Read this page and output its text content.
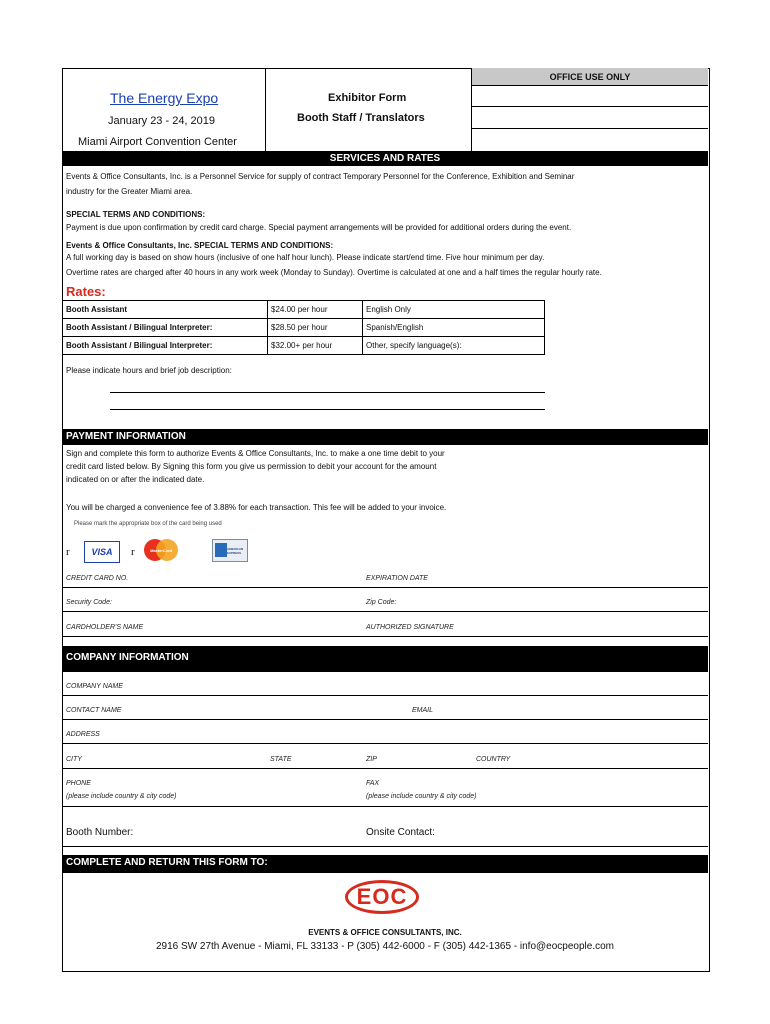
The Energy Expo
January 23 - 24, 2019
Miami Airport Convention Center
Exhibitor Form
Booth Staff / Translators
OFFICE USE ONLY
SERVICES AND RATES
Events & Office Consultants, Inc. is a Personnel Service for supply of contract Temporary Personnel for the Conference, Exhibition and Seminar
industry for the Greater Miami area.
SPECIAL TERMS AND CONDITIONS:
Payment is due upon confirmation by credit card charge. Special payment arrangements will be provided for additional orders during the event.
Events & Office Consultants, Inc. SPECIAL TERMS AND CONDITIONS:
A full working day is based on show hours (inclusive of one half hour lunch). Please indicate start/end time. Five hour minimum per day.
Overtime rates are charged after 40 hours in any work week (Monday to Sunday). Overtime is calculated at one and a half times the regular hourly rate.
Rates:
Booth Assistant	$24.00 per hour	English Only
Booth Assistant / Bilingual Interpreter:	$28.50 per hour	Spanish/English
Booth Assistant / Bilingual Interpreter:	$32.00+ per hour	Other, specify language(s):
Please indicate hours and brief job description:
PAYMENT INFORMATION
Sign and complete this form to authorize Events & Office Consultants, Inc. to make a one time debit to your
credit card listed below. By Signing this form you give us permission to debit your account for the amount
indicated on or after the indicated date.
You will be charged a convenience fee of 3.88% for each transaction. This fee will be added to your invoice.
Please mark the appropriate box of the card being used
r VISA r	MasterCard	AMERICAN EXPRESS
CREDIT CARD NO.	EXPIRATION DATE
Security Code:	Zip Code:
CARDHOLDER'S NAME	AUTHORIZED SIGNATURE
COMPANY INFORMATION
COMPANY NAME
CONTACT NAME	EMAIL
ADDRESS
CITY	STATE	ZIP	COUNTRY
PHONE	FAX
(please include country & city code)	(please include country & city code)
Booth Number:	Onsite Contact:
COMPLETE AND RETURN THIS FORM TO:
EOC
EVENTS & OFFICE CONSULTANTS, INC.
2916 SW 27th Avenue - Miami, FL 33133 - P (305) 442-6000 - F (305) 442-1365 - info@eocpeople.com
